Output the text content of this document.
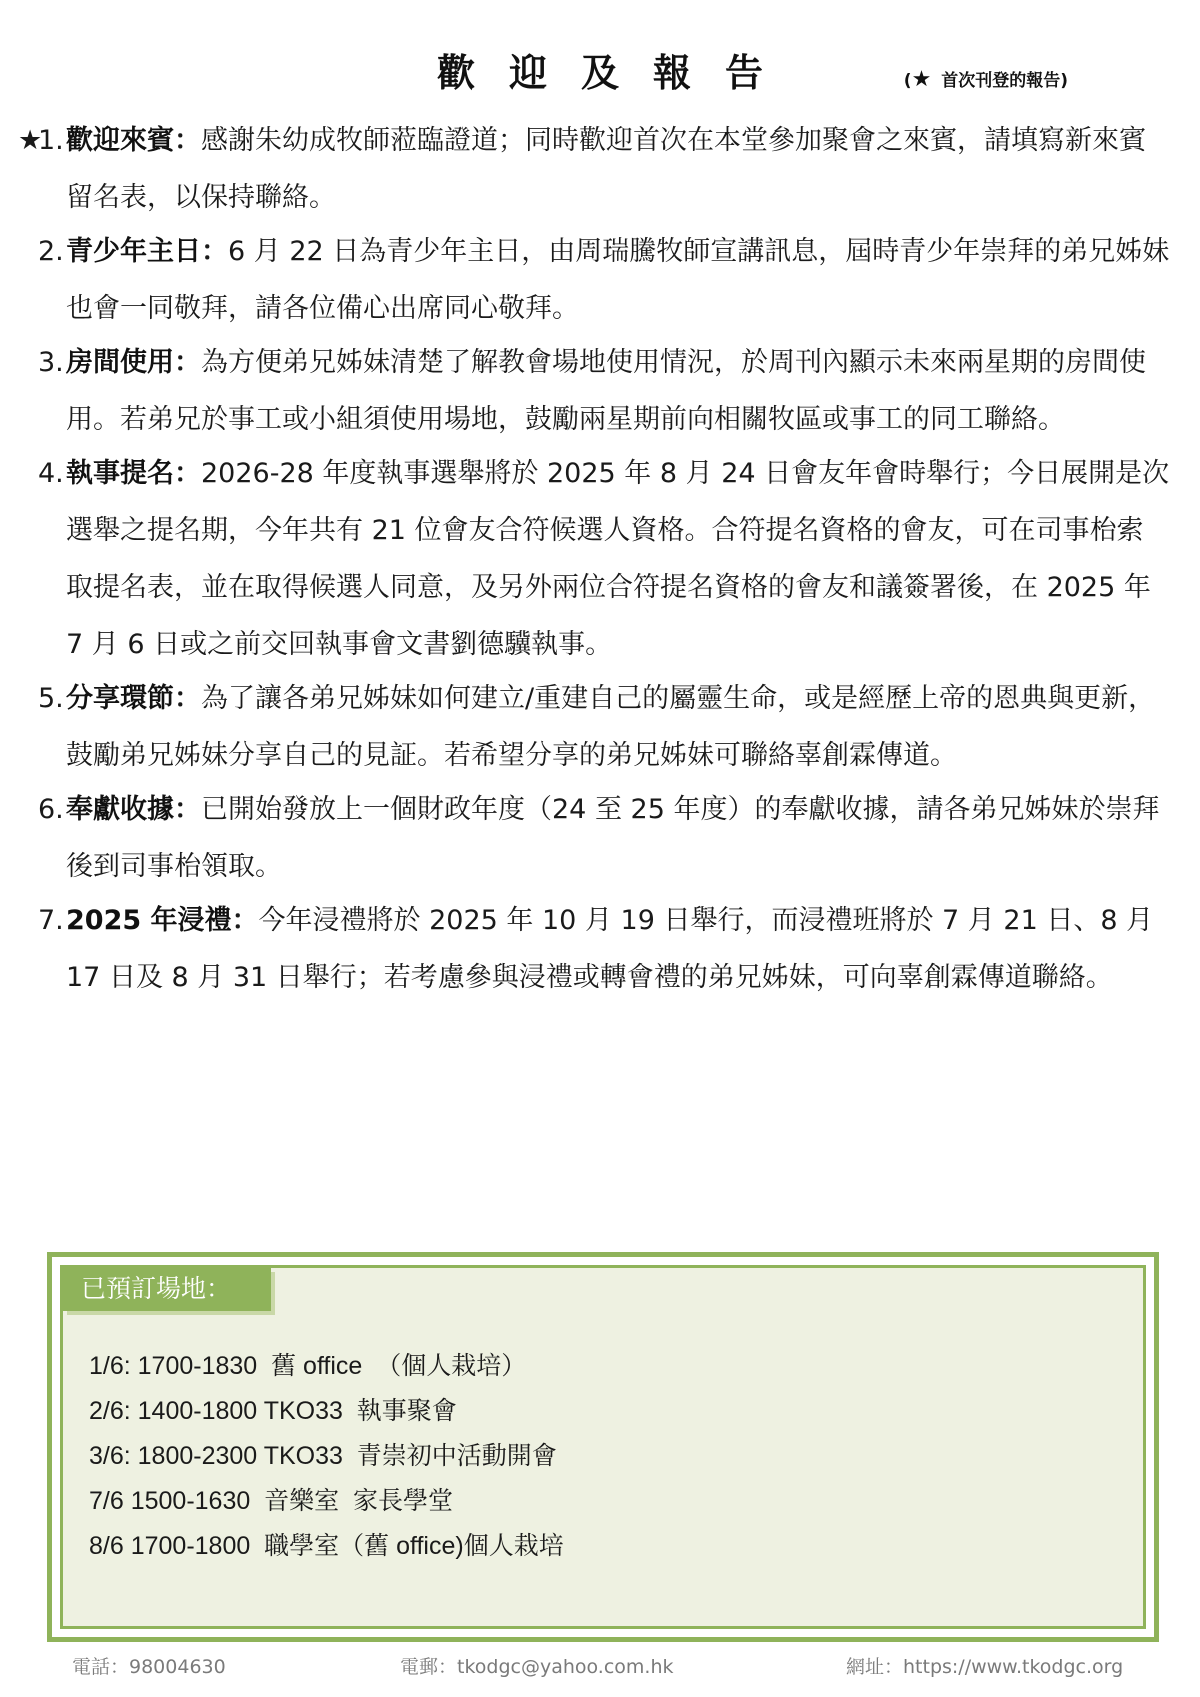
歡迎及報告	(★ 首次刊登的報告)
★
1. 歡迎來賓：感謝朱幼成牧師蒞臨證道；同時歡迎首次在本堂參加聚會之來賓，請填寫新來賓留名表，以保持聯絡。
2. 青少年主日：6 月 22 日為青少年主日，由周瑞騰牧師宣講訊息，屆時青少年崇拜的弟兄姊妹也會一同敬拜，請各位備心出席同心敬拜。
3. 房間使用：為方便弟兄姊妹清楚了解教會場地使用情況，於周刊內顯示未來兩星期的房間使用。若弟兄於事工或小組須使用場地，鼓勵兩星期前向相關牧區或事工的同工聯絡。
4. 執事提名：2026-28 年度執事選舉將於 2025 年 8 月 24 日會友年會時舉行；今日展開是次選舉之提名期，今年共有 21 位會友合符候選人資格。合符提名資格的會友，可在司事枱索取提名表，並在取得候選人同意，及另外兩位合符提名資格的會友和議簽署後，在 2025 年 7 月 6 日或之前交回執事會文書劉德驥執事。
5. 分享環節：為了讓各弟兄姊妹如何建立/重建自己的屬靈生命，或是經歷上帝的恩典與更新，鼓勵弟兄姊妹分享自己的見証。若希望分享的弟兄姊妹可聯絡辜創霖傳道。
6. 奉獻收據：已開始發放上一個財政年度（24 至 25 年度）的奉獻收據，請各弟兄姊妹於崇拜後到司事枱領取。
7. 2025 年浸禮：今年浸禮將於 2025 年 10 月 19 日舉行，而浸禮班將於 7 月 21 日、8 月 17 日及 8 月 31 日舉行；若考慮參與浸禮或轉會禮的弟兄姊妹，可向辜創霖傳道聯絡。
已預訂場地：
1/6: 1700-1830  舊 office  （個人栽培）
2/6: 1400-1800 TKO33  執事聚會
3/6: 1800-2300 TKO33  青崇初中活動開會
7/6 1500-1630  音樂室  家長學堂
8/6 1700-1800  職學室（舊 office)個人栽培
電話：98004630	電郵：tkodgc@yahoo.com.hk	網址：https://www.tkodgc.org
